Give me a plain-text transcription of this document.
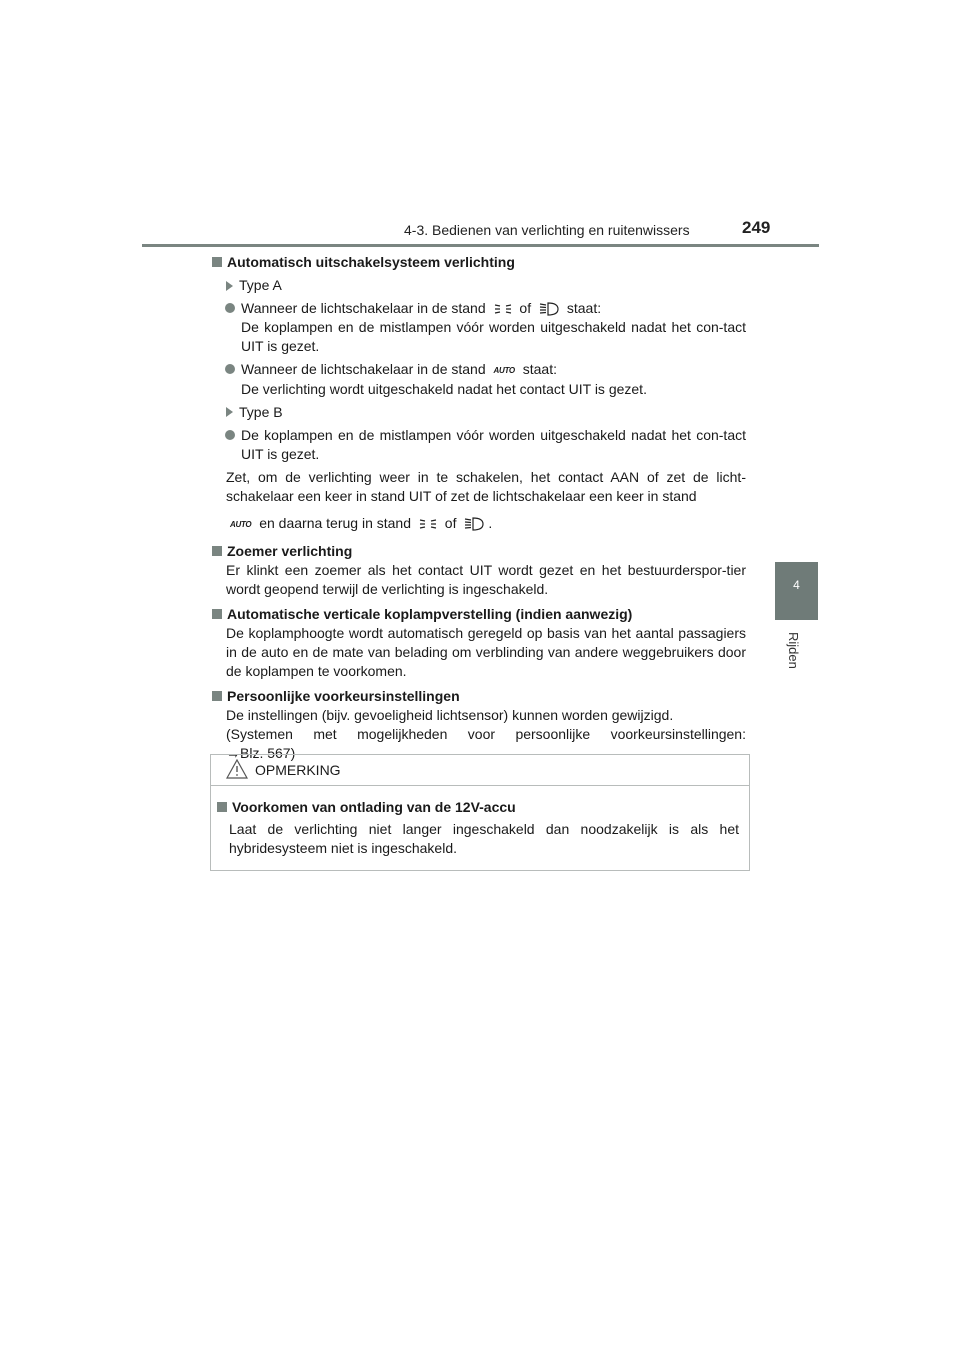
4-3. Bedienen van verlichting en ruitenwissers	249
4
Rijden
Automatisch uitschakelsysteem verlichting
Type A
Wanneer de lichtschakelaar in de stand of	staat:
De koplampen en de mistlampen vóór worden uitgeschakeld nadat het con-tact UIT is gezet.
Wanneer de lichtschakelaar in de stand AUTO staat:
De verlichting wordt uitgeschakeld nadat het contact UIT is gezet.
Type B
De koplampen en de mistlampen vóór worden uitgeschakeld nadat het con-tact UIT is gezet.
Zet, om de verlichting weer in te schakelen, het contact AAN of zet de licht-schakelaar een keer in stand UIT of zet de lichtschakelaar een keer in stand
AUTO en daarna terug in stand of .
Zoemer verlichting
Er klinkt een zoemer als het contact UIT wordt gezet en het bestuurderspor-tier wordt geopend terwijl de verlichting is ingeschakeld.
Automatische verticale koplampverstelling (indien aanwezig)
De koplamphoogte wordt automatisch geregeld op basis van het aantal passagiers in de auto en de mate van belading om verblinding van andere weggebruikers door de koplampen te voorkomen.
Persoonlijke voorkeursinstellingen
De instellingen (bijv. gevoeligheid lichtsensor) kunnen worden gewijzigd.
(Systemen met mogelijkheden voor persoonlijke voorkeursinstellingen:
→Blz. 567)
OPMERKING
Voorkomen van ontlading van de 12V-accu
Laat de verlichting niet langer ingeschakeld dan noodzakelijk is als het hybridesysteem niet is ingeschakeld.
